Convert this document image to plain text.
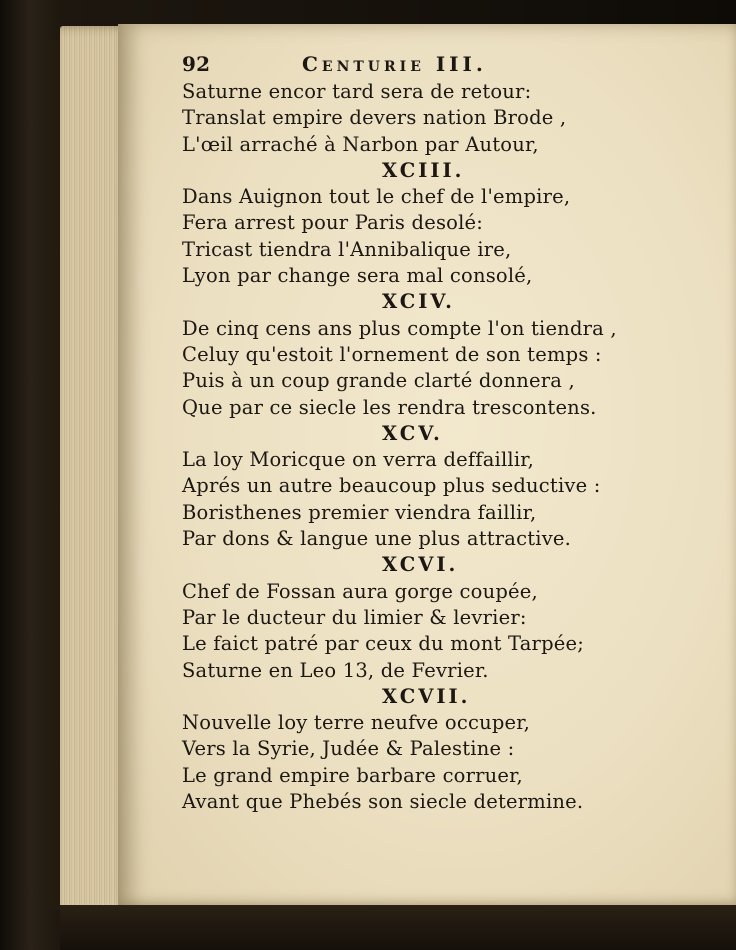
92	Centurie III.
Saturne encor tard sera de retour:
Translat empire devers nation Brode ,
L'œil arraché à Narbon par Autour,
XCIII.
Dans Auignon tout le chef de l'empire,
Fera arrest pour Paris desolé:
Tricast tiendra l'Annibalique ire,
Lyon par change sera mal consolé,
XCIV.
De cinq cens ans plus compte l'on tiendra ,
Celuy qu'estoit l'ornement de son temps :
Puis à un coup grande clarté donnera ,
Que par ce siecle les rendra trescontens.
XCV.
La loy Moricque on verra deffaillir,
Aprés un autre beaucoup plus seductive :
Boristhenes premier viendra faillir,
Par dons & langue une plus attractive.
XCVI.
Chef de Fossan aura gorge coupée,
Par le ducteur du limier & levrier:
Le faict patré par ceux du mont Tarpée;
Saturne en Leo 13, de Fevrier.
XCVII.
Nouvelle loy terre neufve occuper,
Vers la Syrie, Judée & Palestine :
Le grand empire barbare corruer,
Avant que Phebés son siecle determine.
